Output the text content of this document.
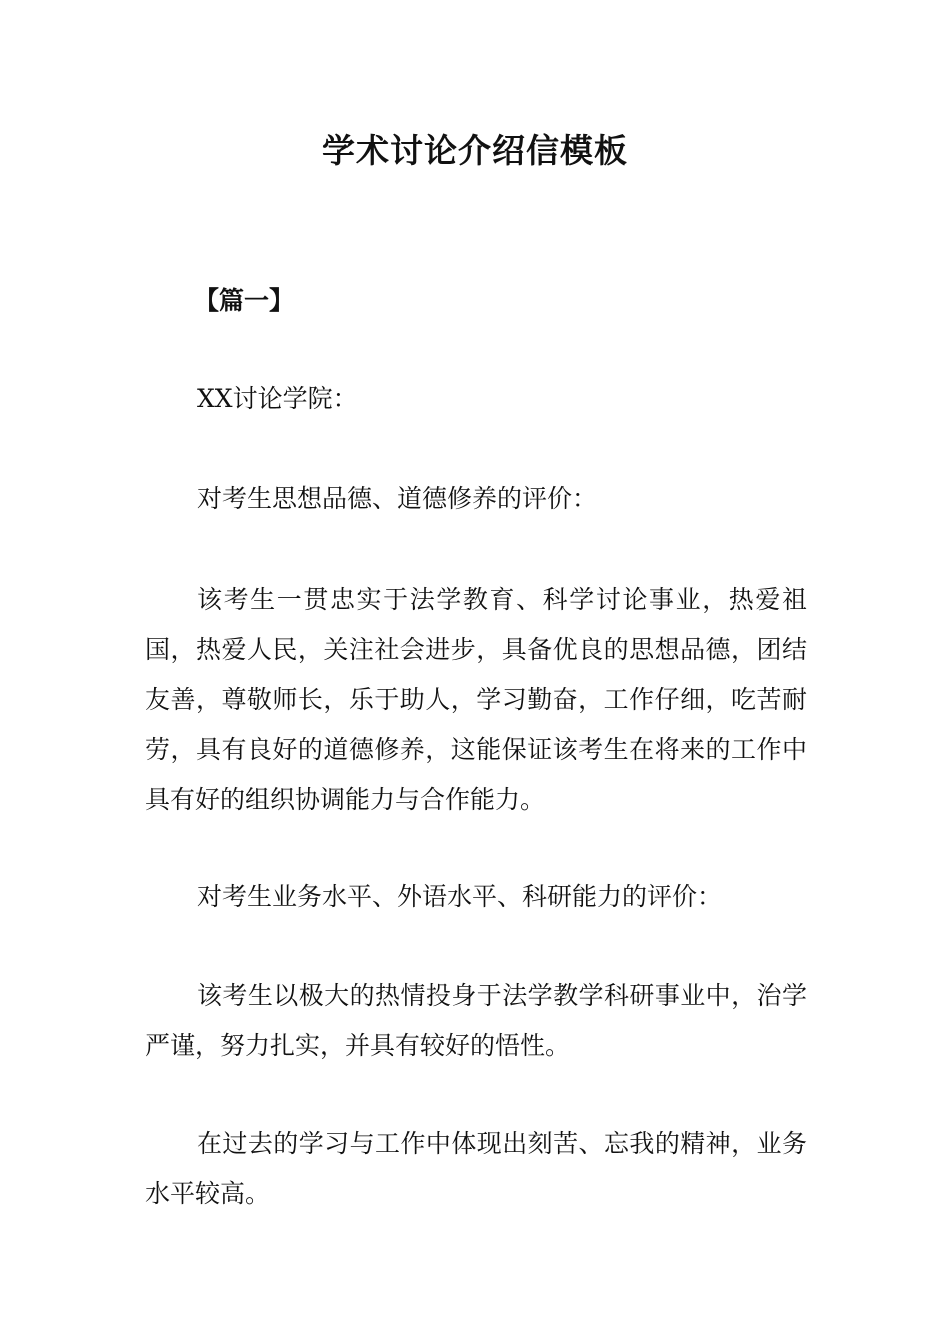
学术讨论介绍信模板

【篇一】

XX讨论学院：

对考生思想品德、道德修养的评价：

该考生一贯忠实于法学教育、科学讨论事业，热爱祖国，热爱人民，关注社会进步，具备优良的思想品德，团结友善，尊敬师长，乐于助人，学习勤奋，工作仔细，吃苦耐劳，具有良好的道德修养，这能保证该考生在将来的工作中具有好的组织协调能力与合作能力。

对考生业务水平、外语水平、科研能力的评价：

该考生以极大的热情投身于法学教学科研事业中，治学严谨，努力扎实，并具有较好的悟性。

在过去的学习与工作中体现出刻苦、忘我的精神，业务水平较高。
